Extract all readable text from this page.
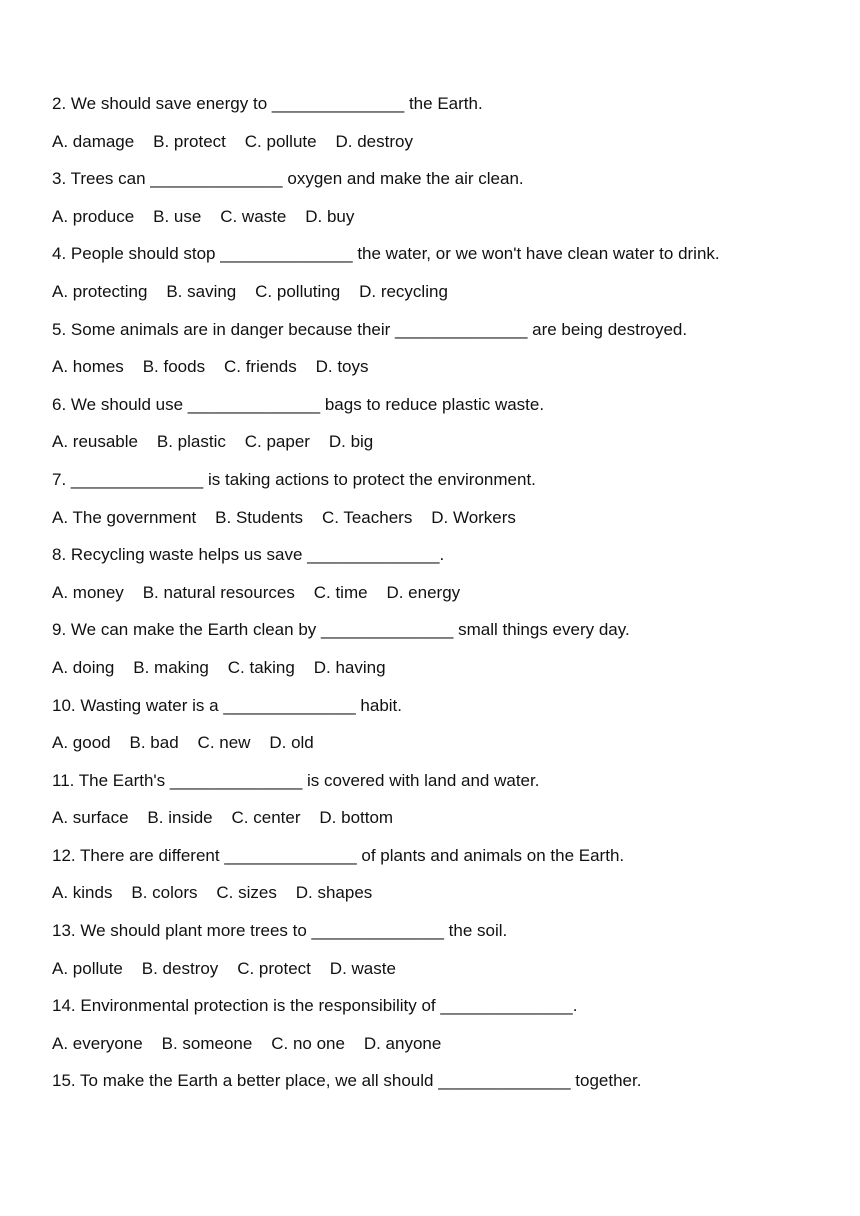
2. We should save energy to ______________ the Earth.
A. damage    B. protect    C. pollute    D. destroy
3. Trees can ______________ oxygen and make the air clean.
A. produce    B. use    C. waste    D. buy
4. People should stop ______________ the water, or we won't have clean water to drink.
A. protecting    B. saving    C. polluting    D. recycling
5. Some animals are in danger because their ______________ are being destroyed.
A. homes    B. foods    C. friends    D. toys
6. We should use ______________ bags to reduce plastic waste.
A. reusable    B. plastic    C. paper    D. big
7. ______________ is taking actions to protect the environment.
A. The government    B. Students    C. Teachers    D. Workers
8. Recycling waste helps us save ______________.
A. money    B. natural resources    C. time    D. energy
9. We can make the Earth clean by ______________ small things every day.
A. doing    B. making    C. taking    D. having
10. Wasting water is a ______________ habit.
A. good    B. bad    C. new    D. old
11. The Earth's ______________ is covered with land and water.
A. surface    B. inside    C. center    D. bottom
12. There are different ______________ of plants and animals on the Earth.
A. kinds    B. colors    C. sizes    D. shapes
13. We should plant more trees to ______________ the soil.
A. pollute    B. destroy    C. protect    D. waste
14. Environmental protection is the responsibility of ______________.
A. everyone    B. someone    C. no one    D. anyone
15. To make the Earth a better place, we all should ______________ together.
